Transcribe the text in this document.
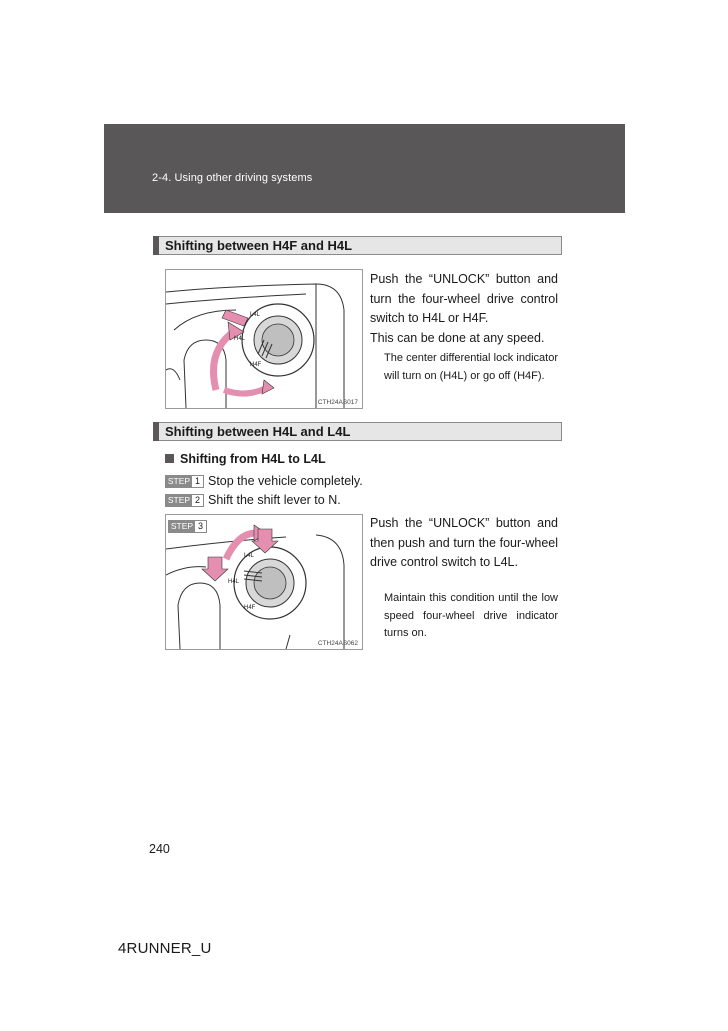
2-4. Using other driving systems
Shifting between H4F and H4L
L4L
H4L
H4F
CTH24AS017
Push the “UNLOCK” button and turn the four-wheel drive control switch to H4L or H4F.
This can be done at any speed.
The center differential lock indicator will turn on (H4L) or go off (H4F).
Shifting between H4L and L4L
Shifting from H4L to L4L
STEP 1 Stop the vehicle completely.
STEP 2 Shift the shift lever to N.
L4L
H4L
H4F
STEP 3
CTH24AS062
Push the “UNLOCK” button and then push and turn the four-wheel drive control switch to L4L.
Maintain this condition until the low speed four-wheel drive indicator turns on.
240
4RUNNER_U
